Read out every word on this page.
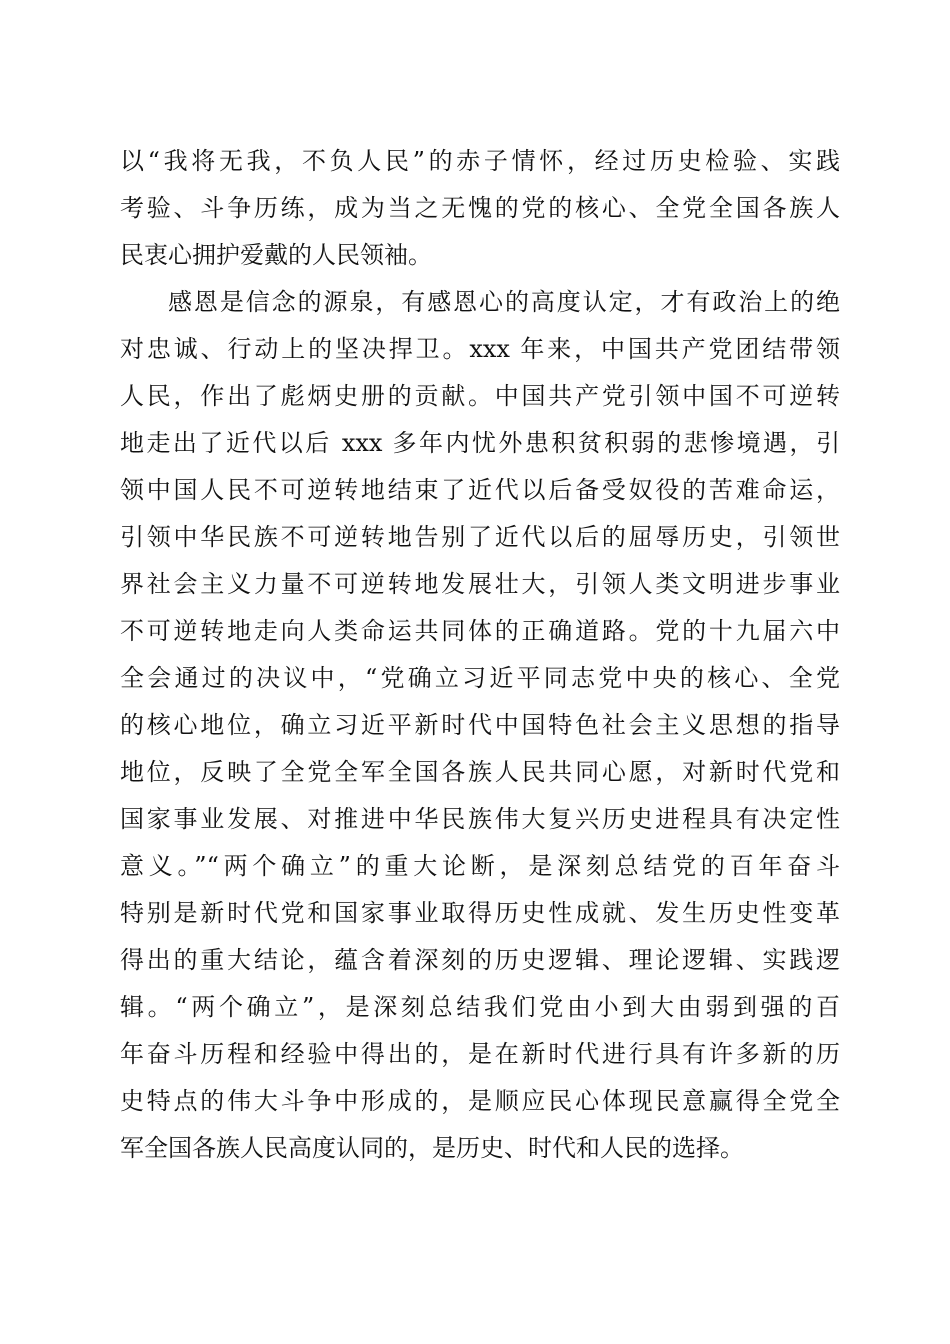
以“我将无我，不负人民”的赤子情怀，经过历史检验、实践
考验、斗争历练，成为当之无愧的党的核心、全党全国各族人
民衷心拥护爱戴的人民领袖。
感恩是信念的源泉，有感恩心的高度认定，才有政治上的绝
对忠诚、行动上的坚决捍卫。xxx 年来，中国共产党团结带领
人民，作出了彪炳史册的贡献。中国共产党引领中国不可逆转
地走出了近代以后 xxx 多年内忧外患积贫积弱的悲惨境遇，引
领中国人民不可逆转地结束了近代以后备受奴役的苦难命运，
引领中华民族不可逆转地告别了近代以后的屈辱历史，引领世
界社会主义力量不可逆转地发展壮大，引领人类文明进步事业
不可逆转地走向人类命运共同体的正确道路。党的十九届六中
全会通过的决议中，“党确立习近平同志党中央的核心、全党
的核心地位，确立习近平新时代中国特色社会主义思想的指导
地位，反映了全党全军全国各族人民共同心愿，对新时代党和
国家事业发展、对推进中华民族伟大复兴历史进程具有决定性
意义。”“两个确立”的重大论断，是深刻总结党的百年奋斗
特别是新时代党和国家事业取得历史性成就、发生历史性变革
得出的重大结论，蕴含着深刻的历史逻辑、理论逻辑、实践逻
辑。“两个确立”，是深刻总结我们党由小到大由弱到强的百
年奋斗历程和经验中得出的，是在新时代进行具有许多新的历
史特点的伟大斗争中形成的，是顺应民心体现民意赢得全党全
军全国各族人民高度认同的，是历史、时代和人民的选择。
